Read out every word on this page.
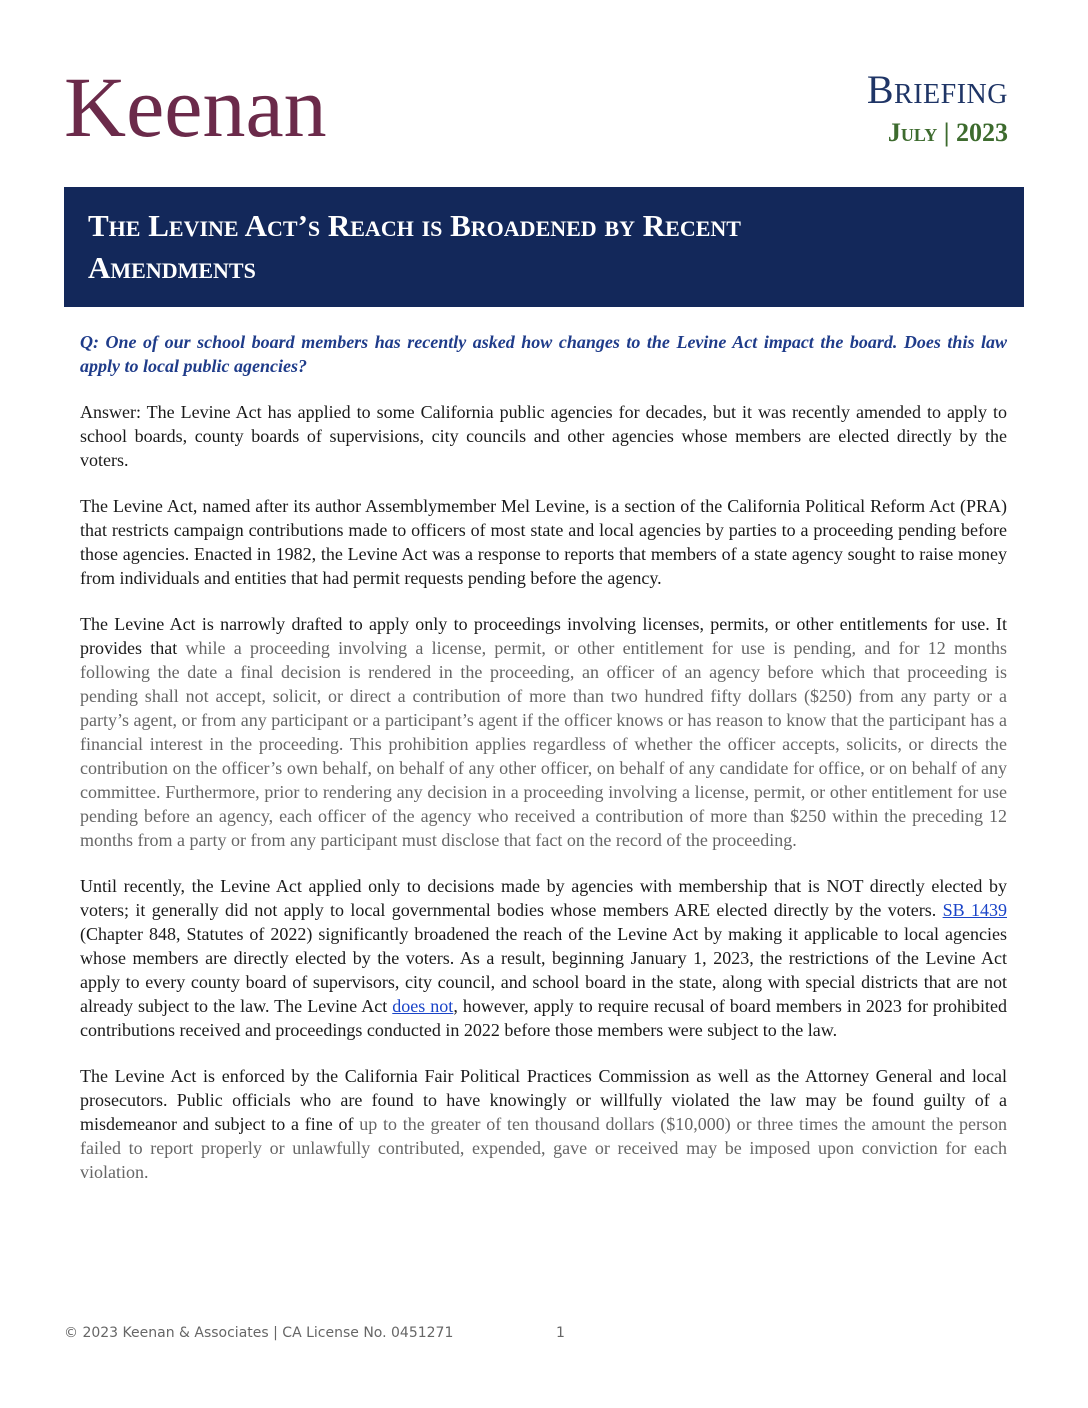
Keenan	Briefing
July | 2023
The Levine Act’s Reach is Broadened by Recent
Amendments

Q: One of our school board members has recently asked how changes to the Levine Act impact the board. Does this law apply to local public agencies?

Answer: The Levine Act has applied to some California public agencies for decades, but it was recently amended to apply to school boards, county boards of supervisions, city councils and other agencies whose members are elected directly by the voters.

The Levine Act, named after its author Assemblymember Mel Levine, is a section of the California Political Reform Act (PRA) that restricts campaign contributions made to officers of most state and local agencies by parties to a proceeding pending before those agencies. Enacted in 1982, the Levine Act was a response to reports that members of a state agency sought to raise money from individuals and entities that had permit requests pending before the agency.

The Levine Act is narrowly drafted to apply only to proceedings involving licenses, permits, or other entitlements for use. It provides that while a proceeding involving a license, permit, or other entitlement for use is pending, and for 12 months following the date a final decision is rendered in the proceeding, an officer of an agency before which that proceeding is pending shall not accept, solicit, or direct a contribution of more than two hundred fifty dollars ($250) from any party or a party’s agent, or from any participant or a participant’s agent if the officer knows or has reason to know that the participant has a financial interest in the proceeding. This prohibition applies regardless of whether the officer accepts, solicits, or directs the contribution on the officer’s own behalf, on behalf of any other officer, on behalf of any candidate for office, or on behalf of any committee. Furthermore, prior to rendering any decision in a proceeding involving a license, permit, or other entitlement for use pending before an agency, each officer of the agency who received a contribution of more than $250 within the preceding 12 months from a party or from any participant must disclose that fact on the record of the proceeding.

Until recently, the Levine Act applied only to decisions made by agencies with membership that is NOT directly elected by voters; it generally did not apply to local governmental bodies whose members ARE elected directly by the voters. SB 1439 (Chapter 848, Statutes of 2022) significantly broadened the reach of the Levine Act by making it applicable to local agencies whose members are directly elected by the voters. As a result, beginning January 1, 2023, the restrictions of the Levine Act apply to every county board of supervisors, city council, and school board in the state, along with special districts that are not already subject to the law. The Levine Act does not, however, apply to require recusal of board members in 2023 for prohibited contributions received and proceedings conducted in 2022 before those members were subject to the law.

The Levine Act is enforced by the California Fair Political Practices Commission as well as the Attorney General and local prosecutors. Public officials who are found to have knowingly or willfully violated the law may be found guilty of a misdemeanor and subject to a fine of up to the greater of ten thousand dollars ($10,000) or three times the amount the person failed to report properly or unlawfully contributed, expended, gave or received may be imposed upon conviction for each violation.

© 2023 Keenan & Associates | CA License No. 0451271	1
